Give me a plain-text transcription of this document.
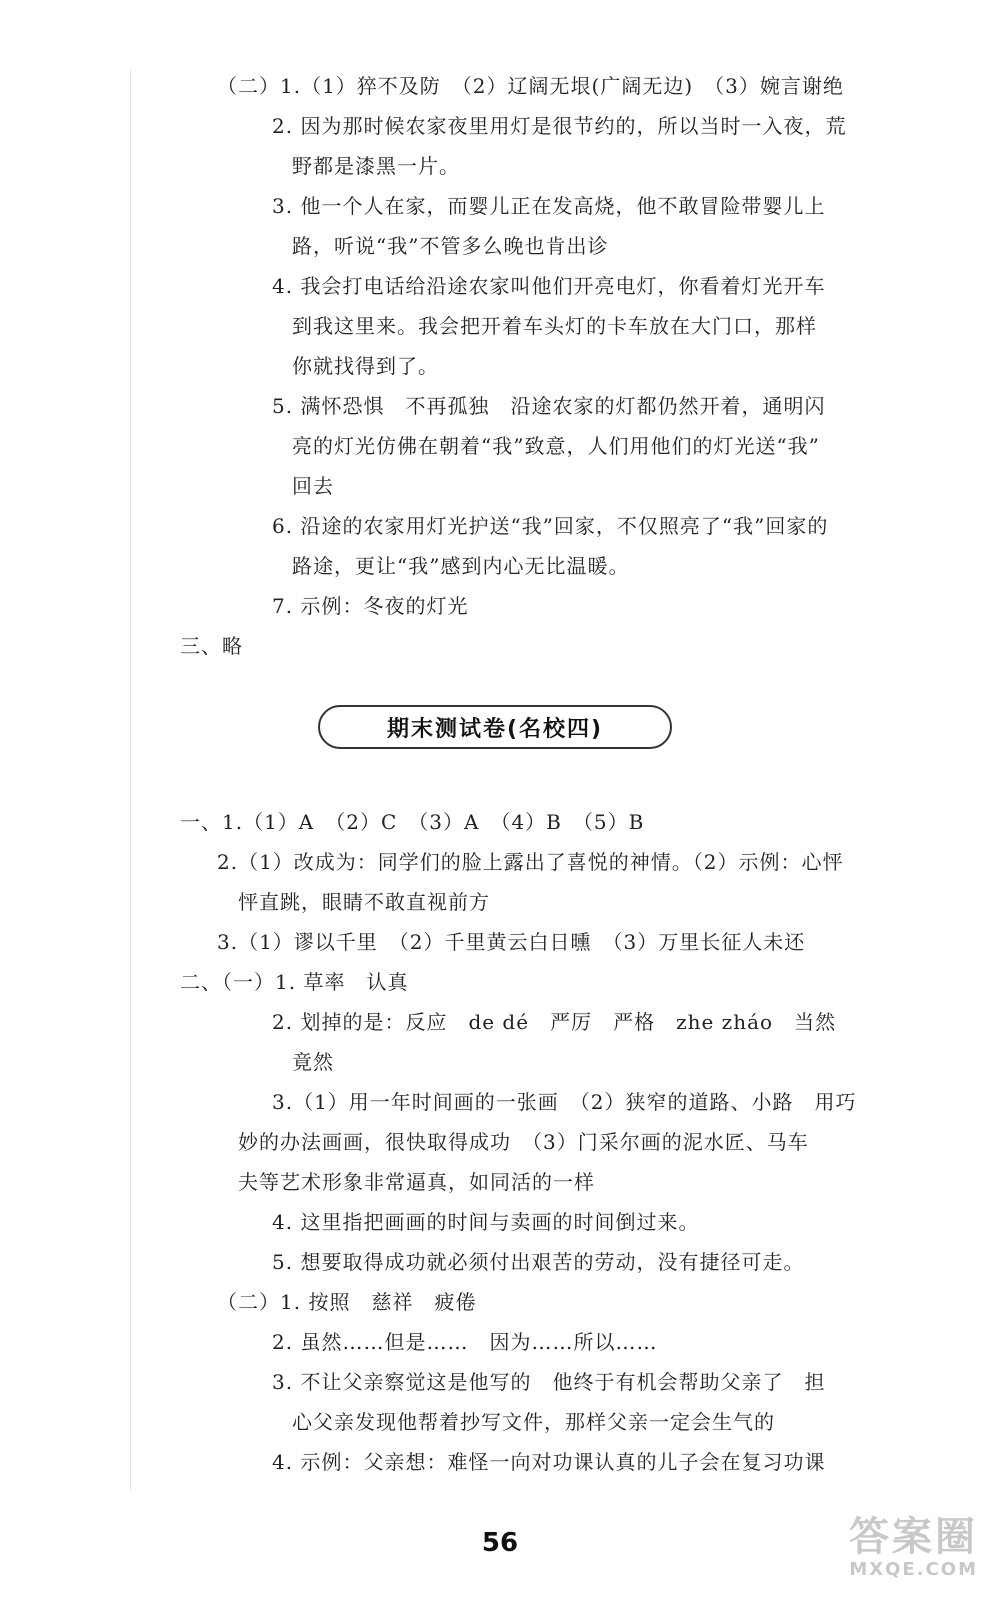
（二）1.（1）猝不及防　（2）辽阔无垠(广阔无边)　（3）婉言谢绝
2. 因为那时候农家夜里用灯是很节约的，所以当时一入夜，荒
野都是漆黑一片。
3. 他一个人在家，而婴儿正在发高烧，他不敢冒险带婴儿上
路，听说“我”不管多么晚也肯出诊
4. 我会打电话给沿途农家叫他们开亮电灯，你看着灯光开车
到我这里来。我会把开着车头灯的卡车放在大门口，那样
你就找得到了。
5. 满怀恐惧　不再孤独　沿途农家的灯都仍然开着，通明闪
亮的灯光仿佛在朝着“我”致意，人们用他们的灯光送“我”
回去
6. 沿途的农家用灯光护送“我”回家，不仅照亮了“我”回家的
路途，更让“我”感到内心无比温暖。
7. 示例：冬夜的灯光
三、略
期末测试卷(名校四)
一、1.（1）A　（2）C　（3）A　（4）B　（5）B
2.（1）改成为：同学们的脸上露出了喜悦的神情。（2）示例：心怦
怦直跳，眼睛不敢直视前方
3.（1）谬以千里　（2）千里黄云白日曛　（3）万里长征人未还
二、（一）1. 草率　认真
2. 划掉的是：反应　de dé　严厉　严格　zhe zháo　当然
竟然
3.（1）用一年时间画的一张画　（2）狭窄的道路、小路　用巧
妙的办法画画，很快取得成功　（3）门采尔画的泥水匠、马车
夫等艺术形象非常逼真，如同活的一样
4. 这里指把画画的时间与卖画的时间倒过来。
5. 想要取得成功就必须付出艰苦的劳动，没有捷径可走。
（二）1. 按照　慈祥　疲倦
2. 虽然……但是……　因为……所以……
3. 不让父亲察觉这是他写的　他终于有机会帮助父亲了　担
心父亲发现他帮着抄写文件，那样父亲一定会生气的
4. 示例：父亲想：难怪一向对功课认真的儿子会在复习功课
56	答案圈
MXQE.COM
